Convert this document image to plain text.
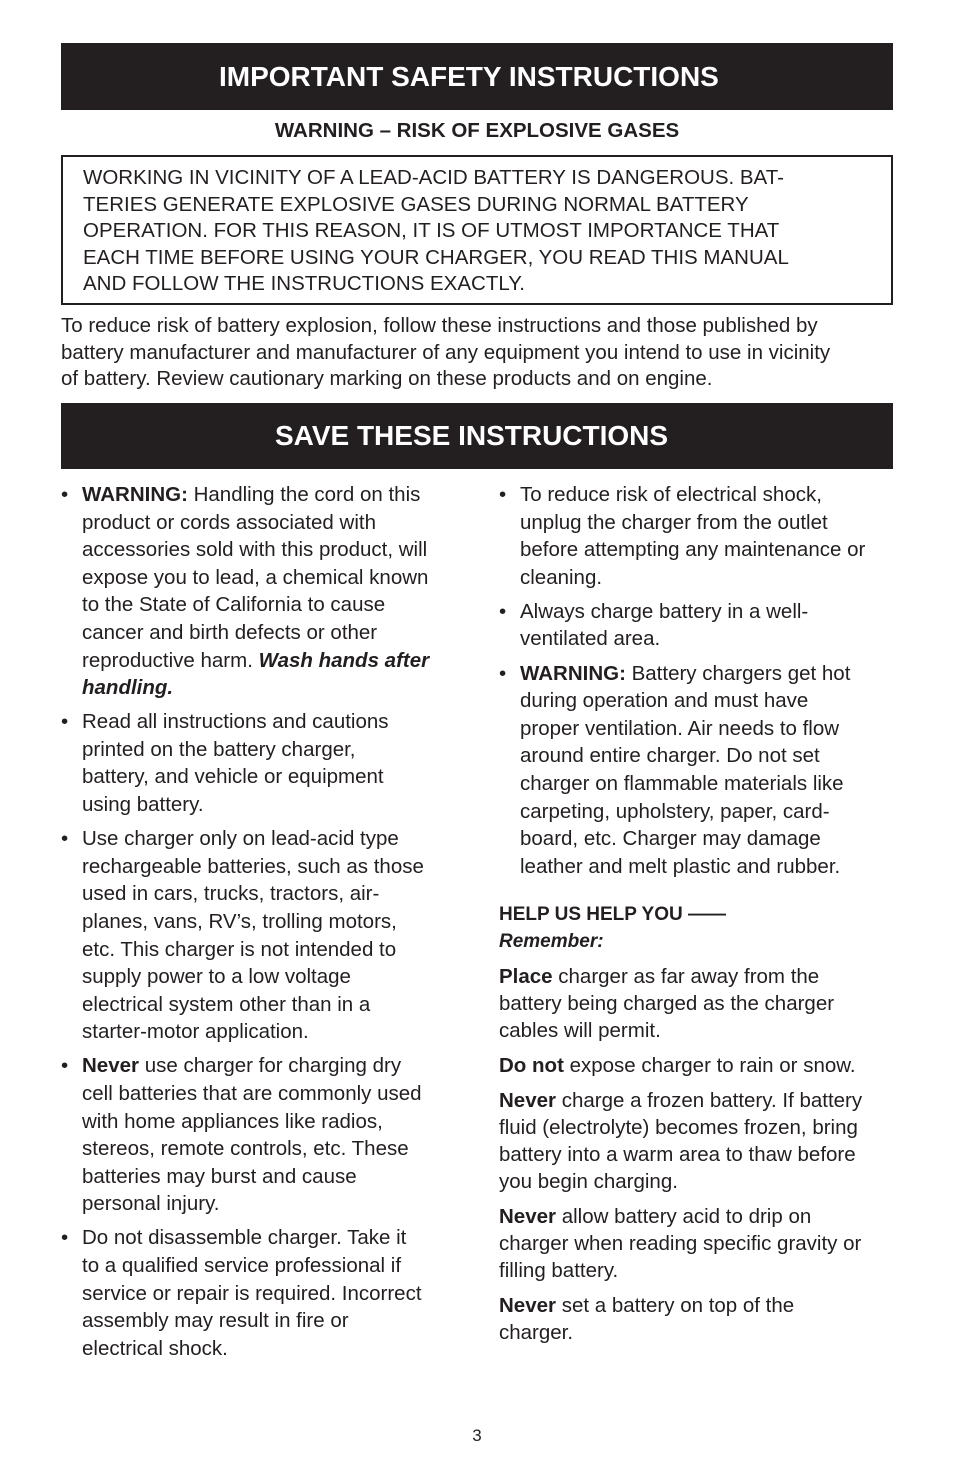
IMPORTANT SAFETY INSTRUCTIONS
WARNING – RISK OF EXPLOSIVE GASES
WORKING IN VICINITY OF A LEAD-ACID BATTERY IS DANGEROUS. BAT-
TERIES GENERATE EXPLOSIVE GASES DURING NORMAL BATTERY
OPERATION. FOR THIS REASON, IT IS OF UTMOST IMPORTANCE THAT
EACH TIME BEFORE USING YOUR CHARGER, YOU READ THIS MANUAL
AND FOLLOW THE INSTRUCTIONS EXACTLY.
To reduce risk of battery explosion, follow these instructions and those published by
battery manufacturer and manufacturer of any equipment you intend to use in vicinity
of battery. Review cautionary marking on these products and on engine.
SAVE THESE INSTRUCTIONS
• WARNING: Handling the cord on this
product or cords associated with
accessories sold with this product, will
expose you to lead, a chemical known
to the State of California to cause
cancer and birth defects or other
reproductive harm. Wash hands after
handling.
• Read all instructions and cautions
printed on the battery charger,
battery, and vehicle or equipment
using battery.
• Use charger only on lead-acid type
rechargeable batteries, such as those
used in cars, trucks, tractors, air-
planes, vans, RV’s, trolling motors,
etc. This charger is not intended to
supply power to a low voltage
electrical system other than in a
starter-motor application.
• Never use charger for charging dry
cell batteries that are commonly used
with home appliances like radios,
stereos, remote controls, etc. These
batteries may burst and cause
personal injury.
• Do not disassemble charger. Take it
to a qualified service professional if
service or repair is required. Incorrect
assembly may result in fire or
electrical shock.
• To reduce risk of electrical shock,
unplug the charger from the outlet
before attempting any maintenance or
cleaning.
• Always charge battery in a well-
ventilated area.
• WARNING: Battery chargers get hot
during operation and must have
proper ventilation. Air needs to flow
around entire charger. Do not set
charger on flammable materials like
carpeting, upholstery, paper, card-
board, etc. Charger may damage
leather and melt plastic and rubber.
HELP US HELP YOU ——
Remember:
Place charger as far away from the
battery being charged as the charger
cables will permit.
Do not expose charger to rain or snow.
Never charge a frozen battery. If battery
fluid (electrolyte) becomes frozen, bring
battery into a warm area to thaw before
you begin charging.
Never allow battery acid to drip on
charger when reading specific gravity or
filling battery.
Never set a battery on top of the
charger.
3
